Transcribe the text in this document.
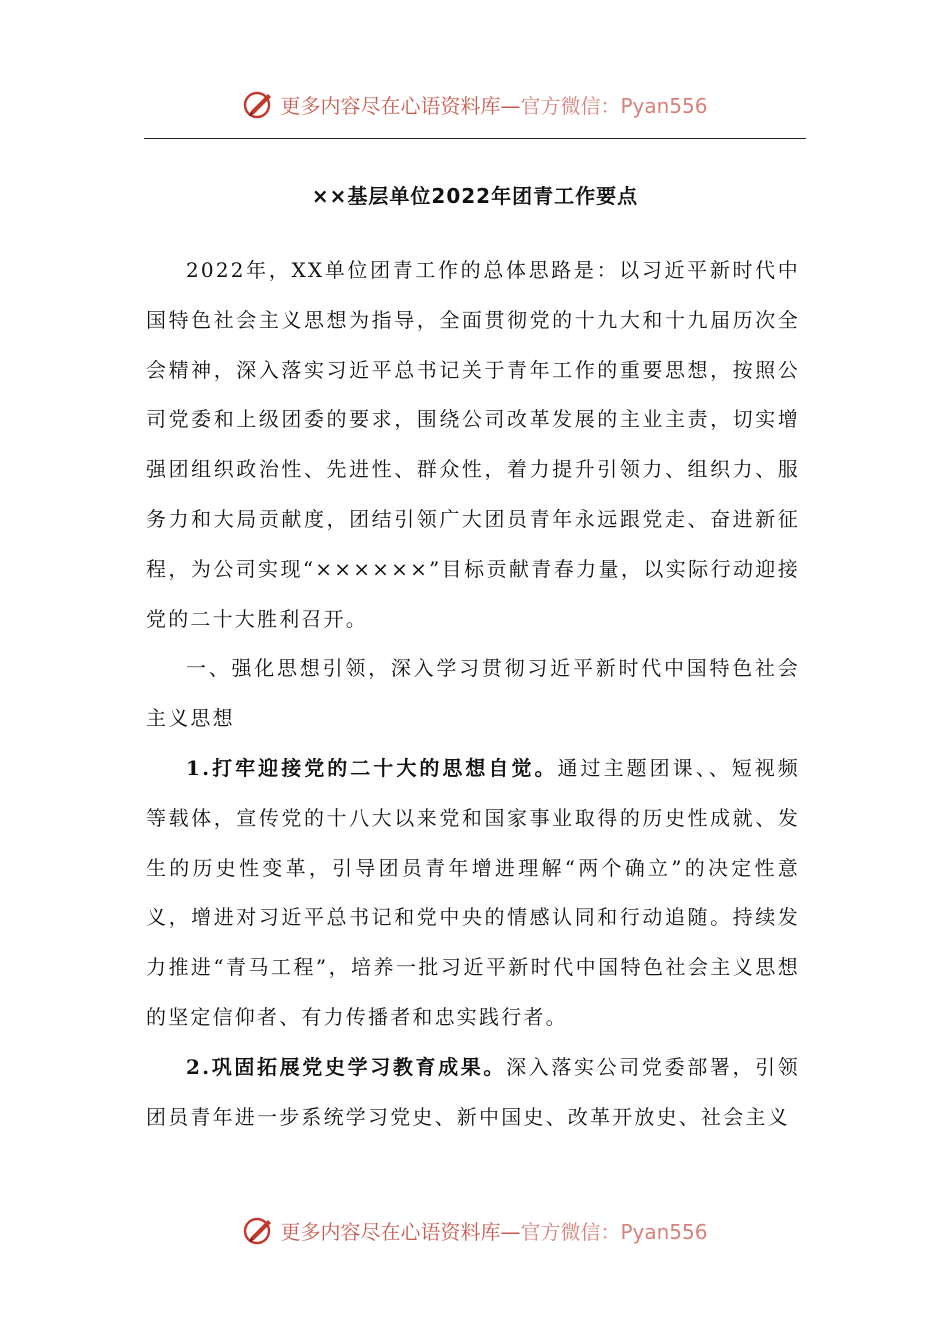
更多内容尽在心语资料库— 官方微信：Pyan556
××基层单位2022年团青工作要点

2022年，XX单位团青工作的总体思路是：以习近平新时代中国特色社会主义思想为指导，全面贯彻党的十九大和十九届历次全会精神，深入落实习近平总书记关于青年工作的重要思想，按照公司党委和上级团委的要求，围绕公司改革发展的主业主责，切实增强团组织政治性、先进性、群众性，着力提升引领力、组织力、服务力和大局贡献度，团结引领广大团员青年永远跟党走、奋进新征程，为公司实现“××××××”目标贡献青春力量，以实际行动迎接党的二十大胜利召开。

一、强化思想引领，深入学习贯彻习近平新时代中国特色社会主义思想

1.打牢迎接党的二十大的思想自觉。通过主题团课、、短视频等载体，宣传党的十八大以来党和国家事业取得的历史性成就、发生的历史性变革，引导团员青年增进理解“两个确立”的决定性意义，增进对习近平总书记和党中央的情感认同和行动追随。持续发力推进“青马工程”，培养一批习近平新时代中国特色社会主义思想的坚定信仰者、有力传播者和忠实践行者。

2.巩固拓展党史学习教育成果。深入落实公司党委部署，引领团员青年进一步系统学习党史、新中国史、改革开放史、社会主义

更多内容尽在心语资料库— 官方微信：Pyan556
